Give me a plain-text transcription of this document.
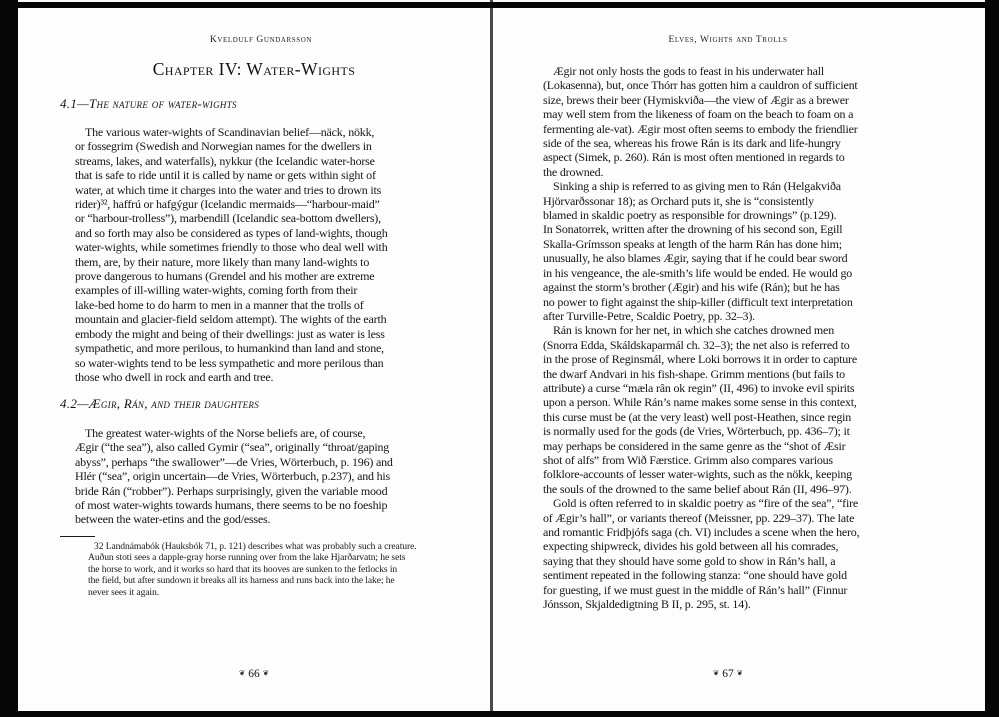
Kveldulf Gundarsson
Chapter IV: Water-Wights
4.1—The nature of water-wights
The various water-wights of Scandinavian belief—näck, nökk,
or fossegrim (Swedish and Norwegian names for the dwellers in
streams, lakes, and waterfalls), nykkur (the Icelandic water-horse
that is safe to ride until it is called by name or gets within sight of
water, at which time it charges into the water and tries to drown its
rider)³², haffrú or hafgýgur (Icelandic mermaids—“harbour-maid”
or “harbour-trolless”), marbendill (Icelandic sea-bottom dwellers),
and so forth may also be considered as types of land-wights, though
water-wights, while sometimes friendly to those who deal well with
them, are, by their nature, more likely than many land-wights to
prove dangerous to humans (Grendel and his mother are extreme
examples of ill-willing water-wights, coming forth from their
lake-bed home to do harm to men in a manner that the trolls of
mountain and glacier-field seldom attempt). The wights of the earth
embody the might and being of their dwellings: just as water is less
sympathetic, and more perilous, to humankind than land and stone,
so water-wights tend to be less sympathetic and more perilous than
those who dwell in rock and earth and tree.
4.2—Ægir, Rán, and their daughters
The greatest water-wights of the Norse beliefs are, of course,
Ægir (“the sea”), also called Gymir (“sea”, originally “throat/gaping
abyss”, perhaps “the swallower”—de Vries, Wörterbuch, p. 196) and
Hlér (“sea”, origin uncertain—de Vries, Wörterbuch, p.237), and his
bride Rán (“robber”). Perhaps surprisingly, given the variable mood
of most water-wights towards humans, there seems to be no foeship
between the water-etins and the god/esses.
32 Landnámabók (Hauksbók 71, p. 121) describes what was probably such a creature.
Auðun stoti sees a dapple-gray horse running over from the lake Hjarðarvatn; he sets
the horse to work, and it works so hard that its hooves are sunken to the fetlocks in
the field, but after sundown it breaks all its harness and runs back into the lake; he
never sees it again.
❦ 66 ❦
Elves, Wights and Trolls
Ægir not only hosts the gods to feast in his underwater hall
(Lokasenna), but, once Thórr has gotten him a cauldron of sufficient
size, brews their beer (Hymiskviða—the view of Ægir as a brewer
may well stem from the likeness of foam on the beach to foam on a
fermenting ale-vat). Ægir most often seems to embody the friendlier
side of the sea, whereas his frowe Rán is its dark and life-hungry
aspect (Simek, p. 260). Rán is most often mentioned in regards to
the drowned.
Sinking a ship is referred to as giving men to Rán (Helgakviða
Hjörvarðssonar 18); as Orchard puts it, she is “consistently
blamed in skaldic poetry as responsible for drownings” (p.129).
In Sonatorrek, written after the drowning of his second son, Egill
Skalla-Grímsson speaks at length of the harm Rán has done him;
unusually, he also blames Ægir, saying that if he could bear sword
in his vengeance, the ale-smith’s life would be ended. He would go
against the storm’s brother (Ægir) and his wife (Rán); but he has
no power to fight against the ship-killer (difficult text interpretation
after Turville-Petre, Scaldic Poetry, pp. 32–3).
Rán is known for her net, in which she catches drowned men
(Snorra Edda, Skáldskaparmál ch. 32–3); the net also is referred to
in the prose of Reginsmál, where Loki borrows it in order to capture
the dwarf Andvari in his fish-shape. Grimm mentions (but fails to
attribute) a curse “mæla rân ok regin” (II, 496) to invoke evil spirits
upon a person. While Rán’s name makes some sense in this context,
this curse must be (at the very least) well post-Heathen, since regin
is normally used for the gods (de Vries, Wörterbuch, pp. 436–7); it
may perhaps be considered in the same genre as the “shot of Æsir
shot of alfs” from Wið Færstice. Grimm also compares various
folklore-accounts of lesser water-wights, such as the nökk, keeping
the souls of the drowned to the same belief about Rán (II, 496–97).
Gold is often referred to in skaldic poetry as “fire of the sea”, “fire
of Ægir’s hall”, or variants thereof (Meissner, pp. 229–37). The late
and romantic Fridþjófs saga (ch. VI) includes a scene when the hero,
expecting shipwreck, divides his gold between all his comrades,
saying that they should have some gold to show in Rán’s hall, a
sentiment repeated in the following stanza: “one should have gold
for guesting, if we must guest in the middle of Rán’s hall” (Finnur
Jónsson, Skjaldedigtning B II, p. 295, st. 14).
❦ 67 ❦
